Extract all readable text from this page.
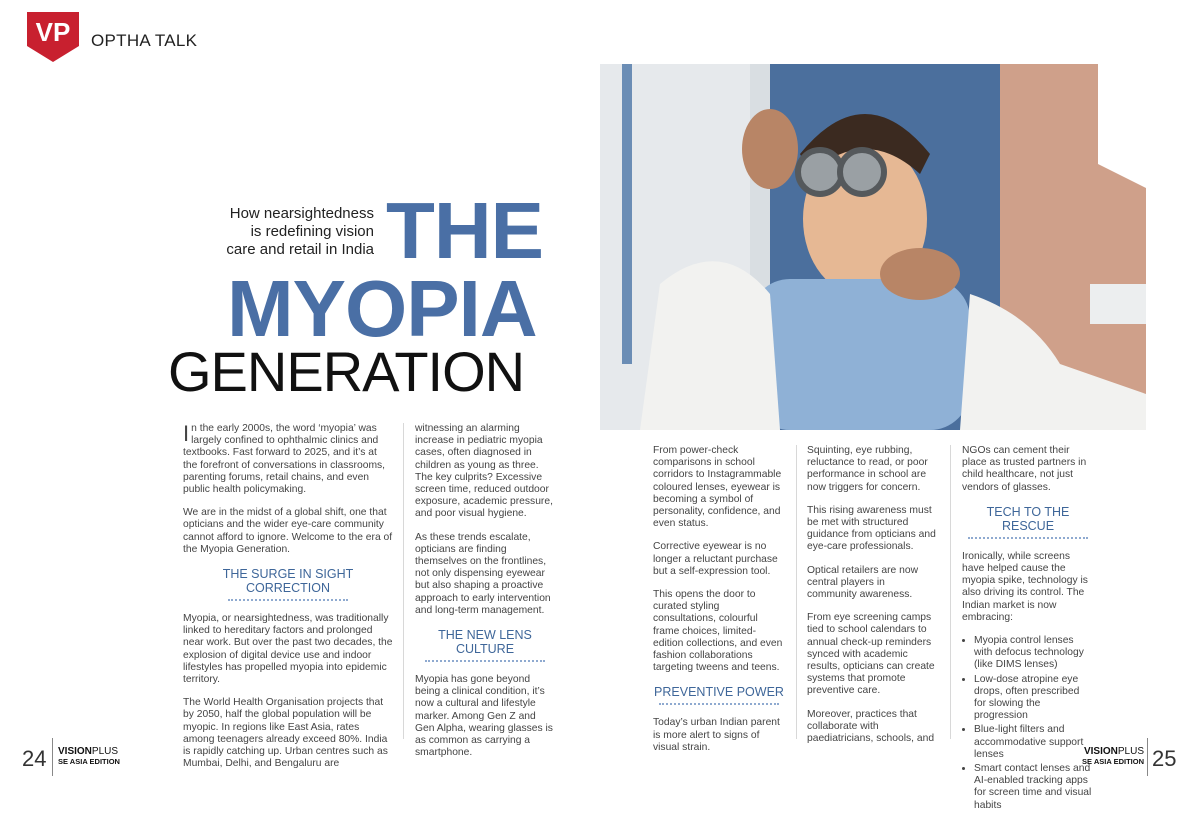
VP OPTHA TALK
How nearsightedness
is redefining vision
care and retail in India THE
MYOPIA
GENERATION

In the early 2000s, the word ‘myopia’ was largely confined to ophthalmic clinics and textbooks. Fast forward to 2025, and it’s at the forefront of conversations in classrooms, parenting forums, retail chains, and even public health policymaking.

We are in the midst of a global shift, one that opticians and the wider eye-care community cannot afford to ignore. Welcome to the era of the Myopia Generation.

THE SURGE IN SIGHT CORRECTION

Myopia, or nearsightedness, was traditionally linked to hereditary factors and prolonged near work. But over the past two decades, the explosion of digital device use and indoor lifestyles has propelled myopia into epidemic territory.

The World Health Organisation projects that by 2050, half the global population will be myopic. In regions like East Asia, rates among teenagers already exceed 80%. India is rapidly catching up. Urban centres such as Mumbai, Delhi, and Bengaluru are

witnessing an alarming increase in pediatric myopia cases, often diagnosed in children as young as three. The key culprits? Excessive screen time, reduced outdoor exposure, academic pressure, and poor visual hygiene.

As these trends escalate, opticians are finding themselves on the frontlines, not only dispensing eyewear but also shaping a proactive approach to early intervention and long-term management.

THE NEW LENS CULTURE

Myopia has gone beyond being a clinical condition, it’s now a cultural and lifestyle marker. Among Gen Z and Gen Alpha, wearing glasses is as common as carrying a smartphone.

From power-check comparisons in school corridors to Instagrammable coloured lenses, eyewear is becoming a symbol of personality, confidence, and even status.

Corrective eyewear is no longer a reluctant purchase but a self-expression tool.

This opens the door to curated styling consultations, colourful frame choices, limited-edition collections, and even fashion collaborations targeting tweens and teens.

PREVENTIVE POWER

Today’s urban Indian parent is more alert to signs of visual strain.

Squinting, eye rubbing, reluctance to read, or poor performance in school are now triggers for concern.

This rising awareness must be met with structured guidance from opticians and eye-care professionals.

Optical retailers are now central players in community awareness.

From eye screening camps tied to school calendars to annual check-up reminders synced with academic results, opticians can create systems that promote preventive care.

Moreover, practices that collaborate with paediatricians, schools, and

NGOs can cement their place as trusted partners in child healthcare, not just vendors of glasses.

TECH TO THE RESCUE

Ironically, while screens have helped cause the myopia spike, technology is also driving its control. The Indian market is now embracing:

• Myopia control lenses with defocus technology (like DIMS lenses)
• Low-dose atropine eye drops, often prescribed for slowing the progression
• Blue-light filters and accommodative support lenses
• Smart contact lenses and AI-enabled tracking apps for screen time and visual habits
24 VISIONPLUS
SE ASIA EDITION
VISIONPLUS
SE ASIA EDITION 25
